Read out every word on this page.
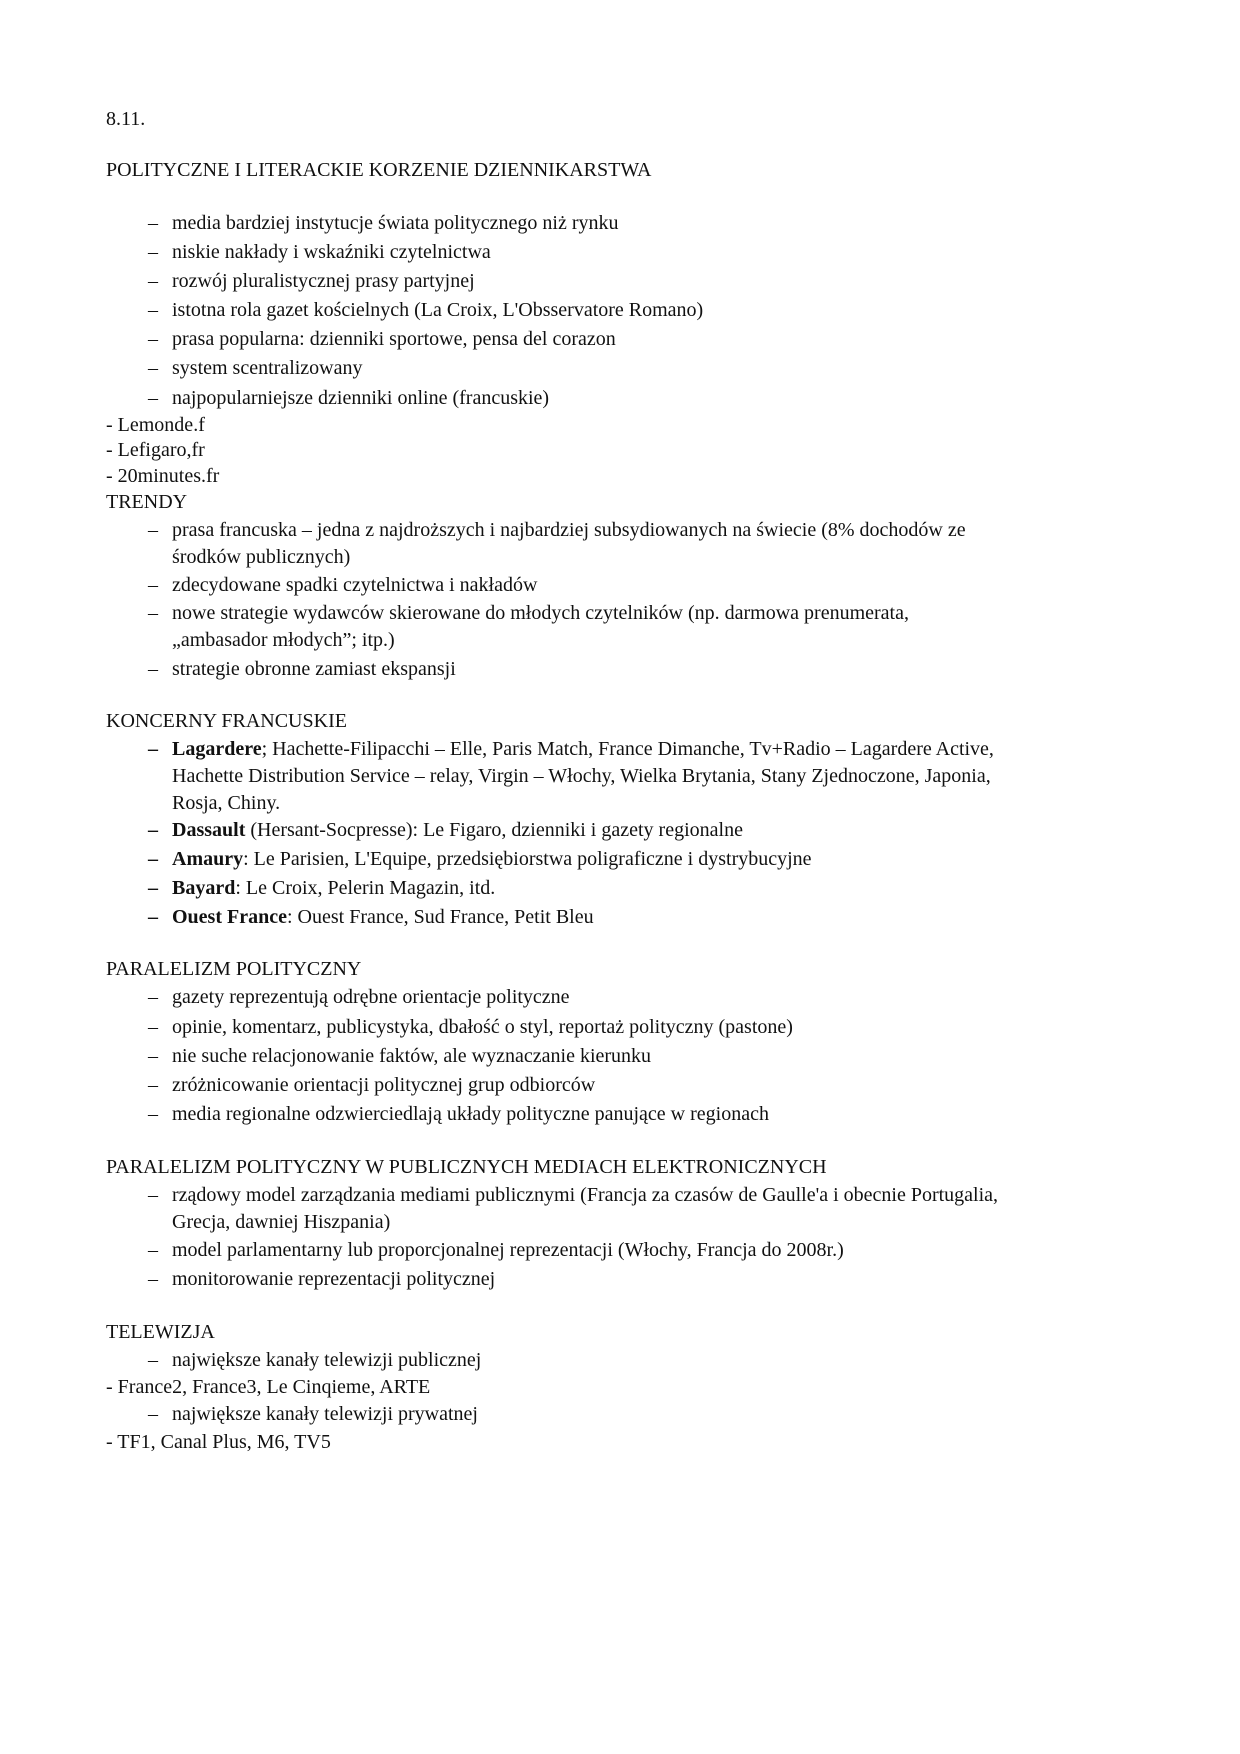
8.11.
POLITYCZNE I LITERACKIE KORZENIE DZIENNIKARSTWA
– media bardziej instytucje świata politycznego niż rynku
– niskie nakłady i wskaźniki czytelnictwa
– rozwój pluralistycznej prasy partyjnej
– istotna rola gazet kościelnych (La Croix, L'Obsservatore Romano)
– prasa popularna: dzienniki sportowe, pensa del corazon
– system scentralizowany
– najpopularniejsze dzienniki online (francuskie)
- Lemonde.f
- Lefigaro,fr
- 20minutes.fr
TRENDY
– prasa francuska – jedna z najdroższych i najbardziej subsydiowanych na świecie (8% dochodów ze środków publicznych)
– zdecydowane spadki czytelnictwa i nakładów
– nowe strategie wydawców skierowane do młodych czytelników (np. darmowa prenumerata, „ambasador młodych”; itp.)
– strategie obronne zamiast ekspansji
KONCERNY FRANCUSKIE
– Lagardere; Hachette-Filipacchi – Elle, Paris Match, France Dimanche, Tv+Radio – Lagardere Active, Hachette Distribution Service – relay, Virgin – Włochy, Wielka Brytania, Stany Zjednoczone, Japonia, Rosja, Chiny.
– Dassault (Hersant-Socpresse): Le Figaro, dzienniki i gazety regionalne
– Amaury: Le Parisien, L'Equipe, przedsiębiorstwa poligraficzne i dystrybucyjne
– Bayard: Le Croix, Pelerin Magazin, itd.
– Ouest France: Ouest France, Sud France, Petit Bleu
PARALELIZM POLITYCZNY
– gazety reprezentują odrębne orientacje polityczne
– opinie, komentarz, publicystyka, dbałość o styl, reportaż polityczny (pastone)
– nie suche relacjonowanie faktów, ale wyznaczanie kierunku
– zróżnicowanie orientacji politycznej grup odbiorców
– media regionalne odzwierciedlają układy polityczne panujące w regionach
PARALELIZM POLITYCZNY W PUBLICZNYCH MEDIACH ELEKTRONICZNYCH
– rządowy model zarządzania mediami publicznymi (Francja za czasów de Gaulle'a i obecnie Portugalia, Grecja, dawniej Hiszpania)
– model parlamentarny lub proporcjonalnej reprezentacji (Włochy, Francja do 2008r.)
– monitorowanie reprezentacji politycznej
TELEWIZJA
– największe kanały telewizji publicznej
- France2, France3, Le Cinqieme, ARTE
– największe kanały telewizji prywatnej
- TF1, Canal Plus, M6, TV5
